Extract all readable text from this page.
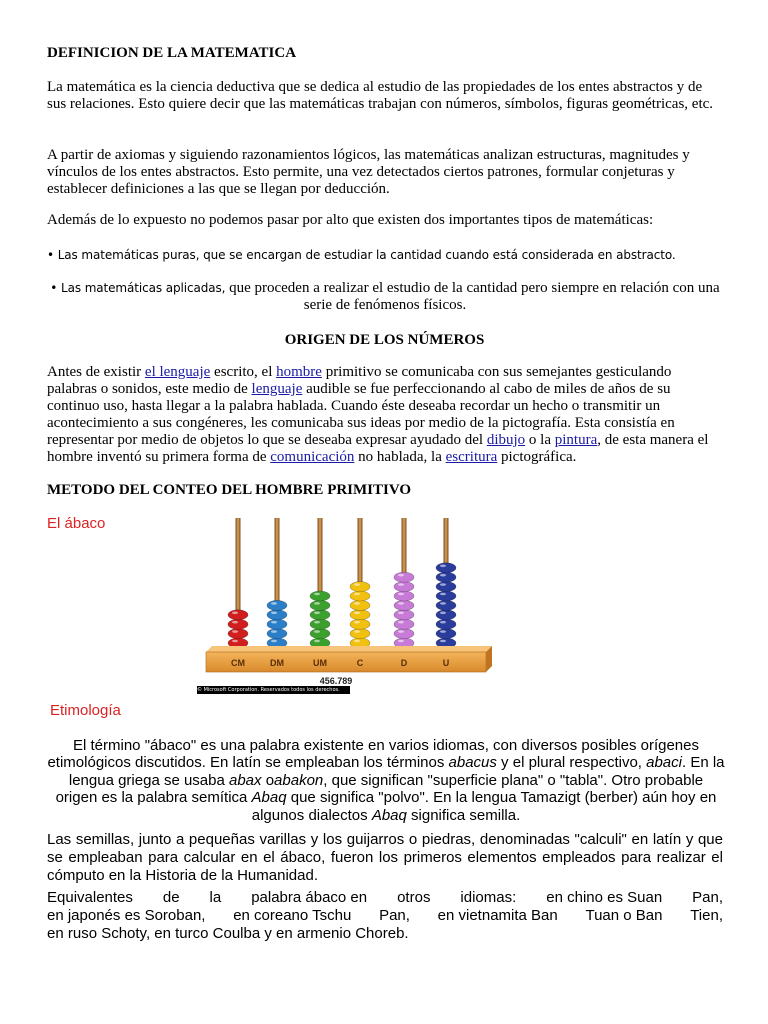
DEFINICION DE LA MATEMATICA

La matemática es la ciencia deductiva que se dedica al estudio de las propiedades de los entes abstractos y de sus relaciones. Esto quiere decir que las matemáticas trabajan con números, símbolos, figuras geométricas, etc.

A partir de axiomas y siguiendo razonamientos lógicos, las matemáticas analizan estructuras, magnitudes y vínculos de los entes abstractos. Esto permite, una vez detectados ciertos patrones, formular conjeturas y establecer definiciones a las que se llegan por deducción.

Además de lo expuesto no podemos pasar por alto que existen dos importantes tipos de matemáticas:

• Las matemáticas puras, que se encargan de estudiar la cantidad cuando está considerada en abstracto.

• Las matemáticas aplicadas, que proceden a realizar el estudio de la cantidad pero siempre en relación con una serie de fenómenos físicos.

ORIGEN DE LOS NÚMEROS

Antes de existir el lenguaje escrito, el hombre primitivo se comunicaba con sus semejantes gesticulando palabras o sonidos, este medio de lenguaje audible se fue perfeccionando al cabo de miles de años de su continuo uso, hasta llegar a la palabra hablada. Cuando éste deseaba recordar un hecho o transmitir un acontecimiento a sus congéneres, les comunicaba sus ideas por medio de la pictografía. Esta consistía en representar por medio de objetos lo que se deseaba expresar ayudado del dibujo o la pintura, de esta manera el hombre inventó su primera forma de comunicación no hablada, la escritura pictográfica.

METODO DEL CONTEO DEL HOMBRE PRIMITIVO

El ábaco

CM	DM	UM	C	D	U
456.789
© Microsoft Corporation. Reservados todos los derechos.

Etimología

El término "ábaco" es una palabra existente en varios idiomas, con diversos posibles orígenes etimológicos discutidos. En latín se empleaban los términos abacus y el plural respectivo, abaci. En la lengua griega se usaba abax oabakon, que significan "superficie plana" o "tabla". Otro probable origen es la palabra semítica Abaq que significa "polvo". En la lengua Tamazigt (berber) aún hoy en algunos dialectos Abaq significa semilla.

Las semillas, junto a pequeñas varillas y los guijarros o piedras, denominadas "calculi" en latín y que se empleaban para calcular en el ábaco, fueron los primeros elementos empleados para realizar el cómputo en la Historia de la Humanidad.

Equivalentes de la palabra ábaco en otros idiomas: en chino es Suan Pan,
en japonés es Soroban, en coreano Tschu Pan, en vietnamita Ban Tuan o Ban Tien,
en ruso Schoty, en turco Coulba y en armenio Choreb.
